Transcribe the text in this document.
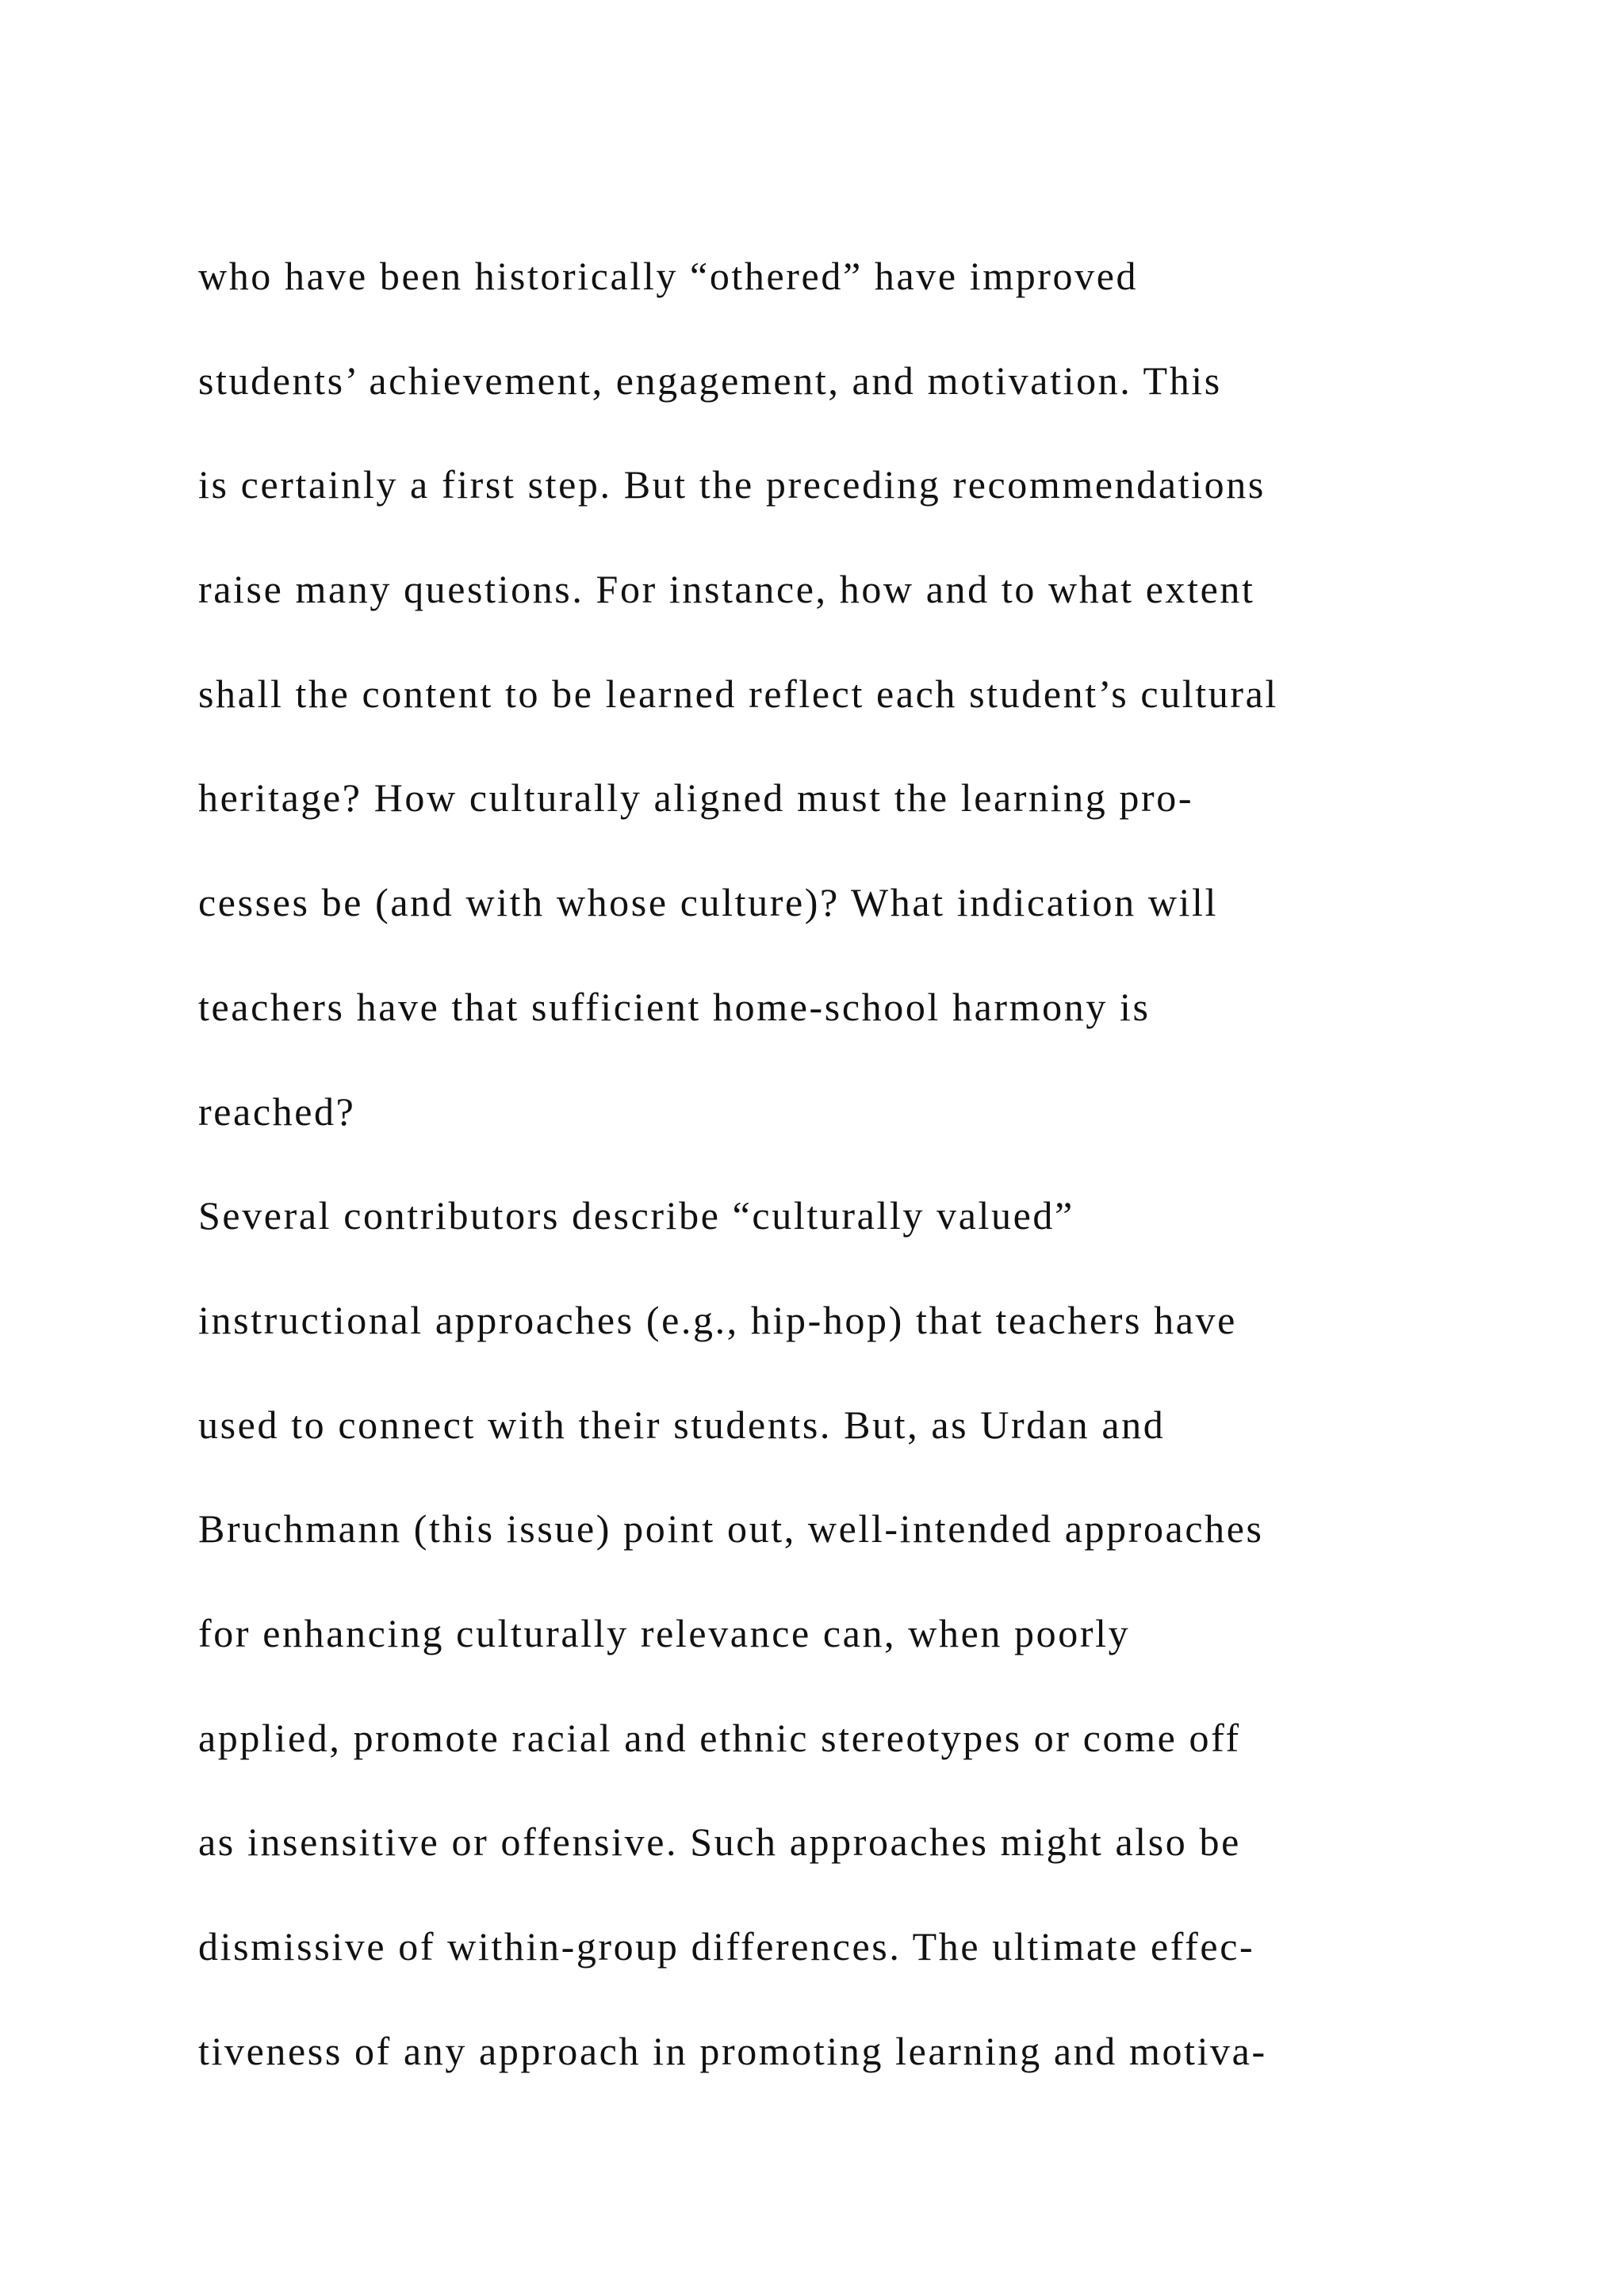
who have been historically “othered” have improved
students’ achievement, engagement, and motivation. This
is certainly a first step. But the preceding recommendations
raise many questions. For instance, how and to what extent
shall the content to be learned reflect each student’s cultural
heritage? How culturally aligned must the learning pro-
cesses be (and with whose culture)? What indication will
teachers have that sufficient home-school harmony is
reached?
Several contributors describe “culturally valued”
instructional approaches (e.g., hip-hop) that teachers have
used to connect with their students. But, as Urdan and
Bruchmann (this issue) point out, well-intended approaches
for enhancing culturally relevance can, when poorly
applied, promote racial and ethnic stereotypes or come off
as insensitive or offensive. Such approaches might also be
dismissive of within-group differences. The ultimate effec-
tiveness of any approach in promoting learning and motiva-
